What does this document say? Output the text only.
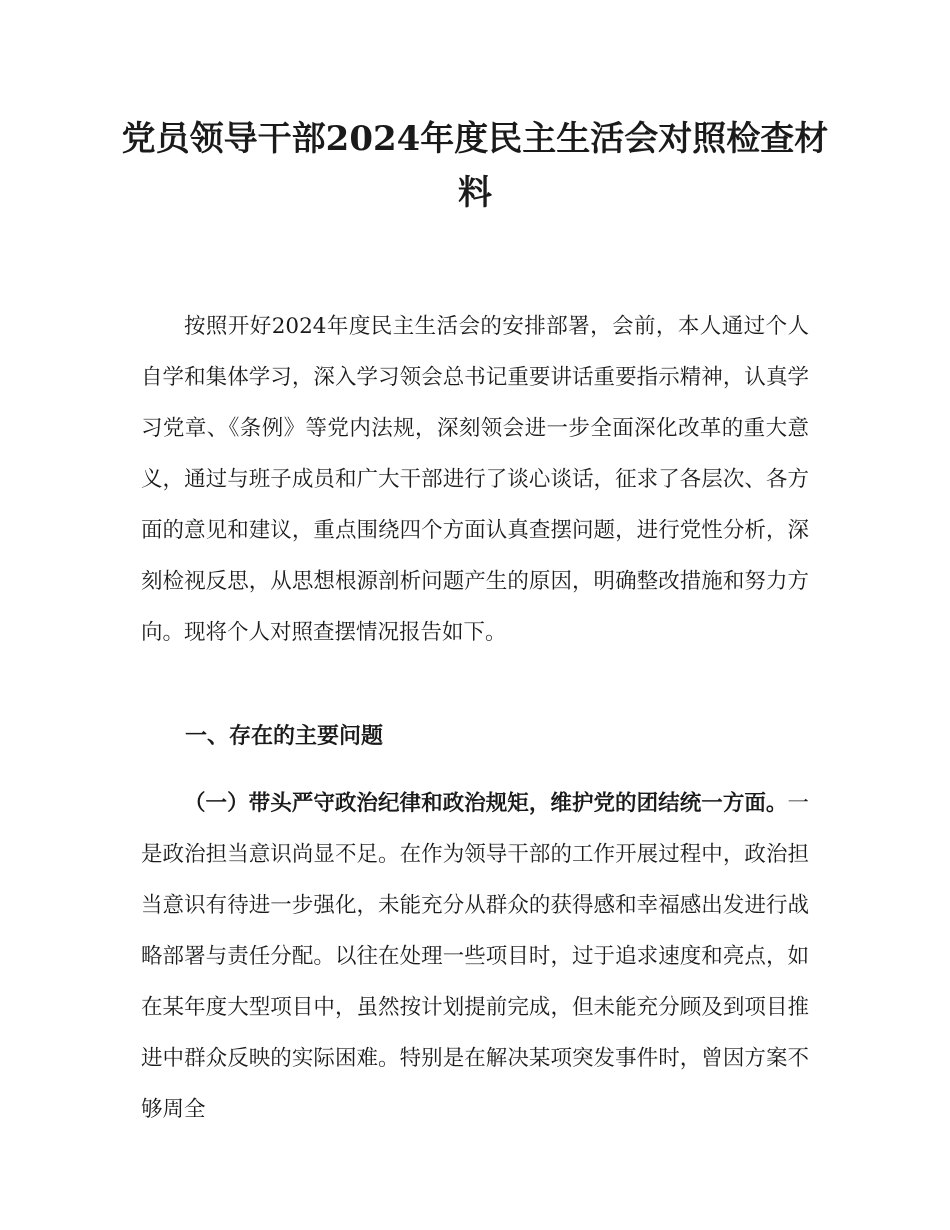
党员领导干部2024年度民主生活会对照检查材料

按照开好2024年度民主生活会的安排部署，会前，本人通过个人自学和集体学习，深入学习领会总书记重要讲话重要指示精神，认真学习党章、《条例》等党内法规，深刻领会进一步全面深化改革的重大意义，通过与班子成员和广大干部进行了谈心谈话，征求了各层次、各方面的意见和建议，重点围绕四个方面认真查摆问题，进行党性分析，深刻检视反思，从思想根源剖析问题产生的原因，明确整改措施和努力方向。现将个人对照查摆情况报告如下。

一、存在的主要问题

（一）带头严守政治纪律和政治规矩，维护党的团结统一方面。一是政治担当意识尚显不足。在作为领导干部的工作开展过程中，政治担当意识有待进一步强化，未能充分从群众的获得感和幸福感出发进行战略部署与责任分配。以往在处理一些项目时，过于追求速度和亮点，如在某年度大型项目中，虽然按计划提前完成，但未能充分顾及到项目推进中群众反映的实际困难。特别是在解决某项突发事件时，曾因方案不够周全
